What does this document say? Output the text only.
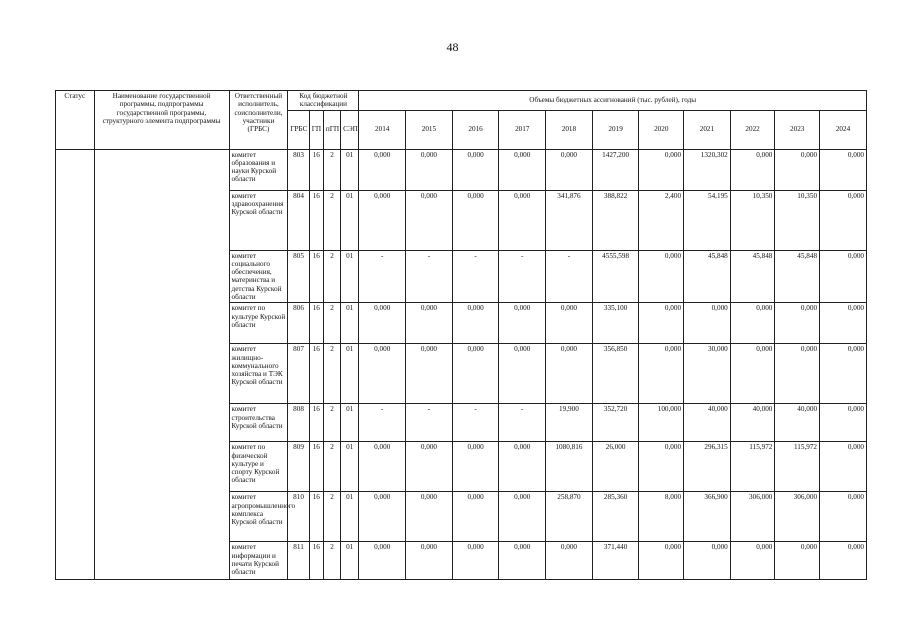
48
Статус	Наименование государственной программы, подпрограммы государственной программы, структурного элемента подпрограммы	Ответственный исполнитель, соисполнители, участники (ГРБС)	Код бюджетной классификации				Объемы бюджетных ассигнований (тыс. рублей), годы										
			ГРБС	ГП	пГП	СЭП	2014	2015	2016	2017	2018	2019	2020	2021	2022	2023	2024
		комитет образования и науки Курской области	803	16	2	01	0,000	0,000	0,000	0,000	0,000	1427,200	0,000	1320,302	0,000	0,000	0,000
		комитет здравоохранения Курской области	804	16	2	01	0,000	0,000	0,000	0,000	341,876	388,822	2,400	54,195	10,350	10,350	0,000
		комитет социального обеспечения, материнства и детства Курской области	805	16	2	01	-	-	-	-	-	4555,598	0,000	45,848	45,848	45,848	0,000
		комитет по культуре Курской области	806	16	2	01	0,000	0,000	0,000	0,000	0,000	335,100	0,000	0,000	0,000	0,000	0,000
		комитет жилищно-коммунального хозяйства и ТЭК Курской области	807	16	2	01	0,000	0,000	0,000	0,000	0,000	356,850	0,000	30,000	0,000	0,000	0,000
		комитет строительства Курской области	808	16	2	01	-	-	-	-	19,900	352,720	100,000	40,000	40,000	40,000	0,000
		комитет по физической культуре и спорту Курской области	809	16	2	01	0,000	0,000	0,000	0,000	1080,816	26,000	0,000	296,315	115,972	115,972	0,000
		комитет агропромышленного комплекса Курской области	810	16	2	01	0,000	0,000	0,000	0,000	258,870	285,360	8,000	366,900	306,000	306,000	0,000
		комитет информации и печати Курской области	811	16	2	01	0,000	0,000	0,000	0,000	0,000	371,440	0,000	0,000	0,000	0,000	0,000
